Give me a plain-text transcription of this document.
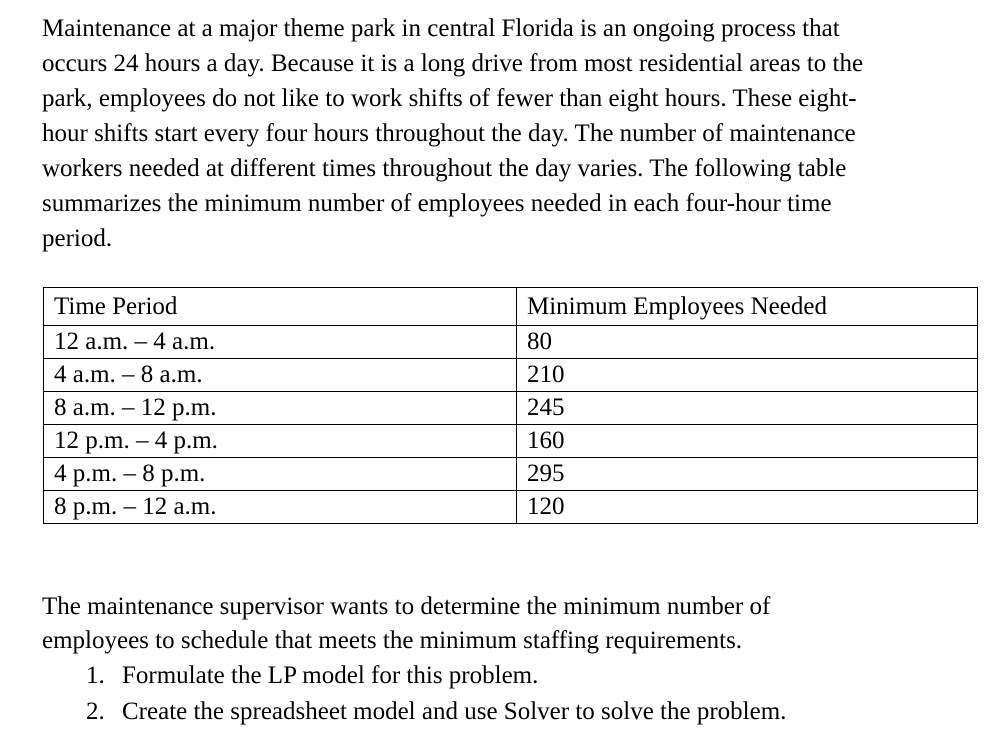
Maintenance at a major theme park in central Florida is an ongoing process that
occurs 24 hours a day. Because it is a long drive from most residential areas to the
park, employees do not like to work shifts of fewer than eight hours. These eight-
hour shifts start every four hours throughout the day. The number of maintenance
workers needed at different times throughout the day varies. The following table
summarizes the minimum number of employees needed in each four-hour time
period.

Time Period	Minimum Employees Needed
12 a.m. – 4 a.m.	80
4 a.m. – 8 a.m.	210
8 a.m. – 12 p.m.	245
12 p.m. – 4 p.m.	160
4 p.m. – 8 p.m.	295
8 p.m. – 12 a.m.	120

The maintenance supervisor wants to determine the minimum number of
employees to schedule that meets the minimum staffing requirements.

1. Formulate the LP model for this problem.
2. Create the spreadsheet model and use Solver to solve the problem.
